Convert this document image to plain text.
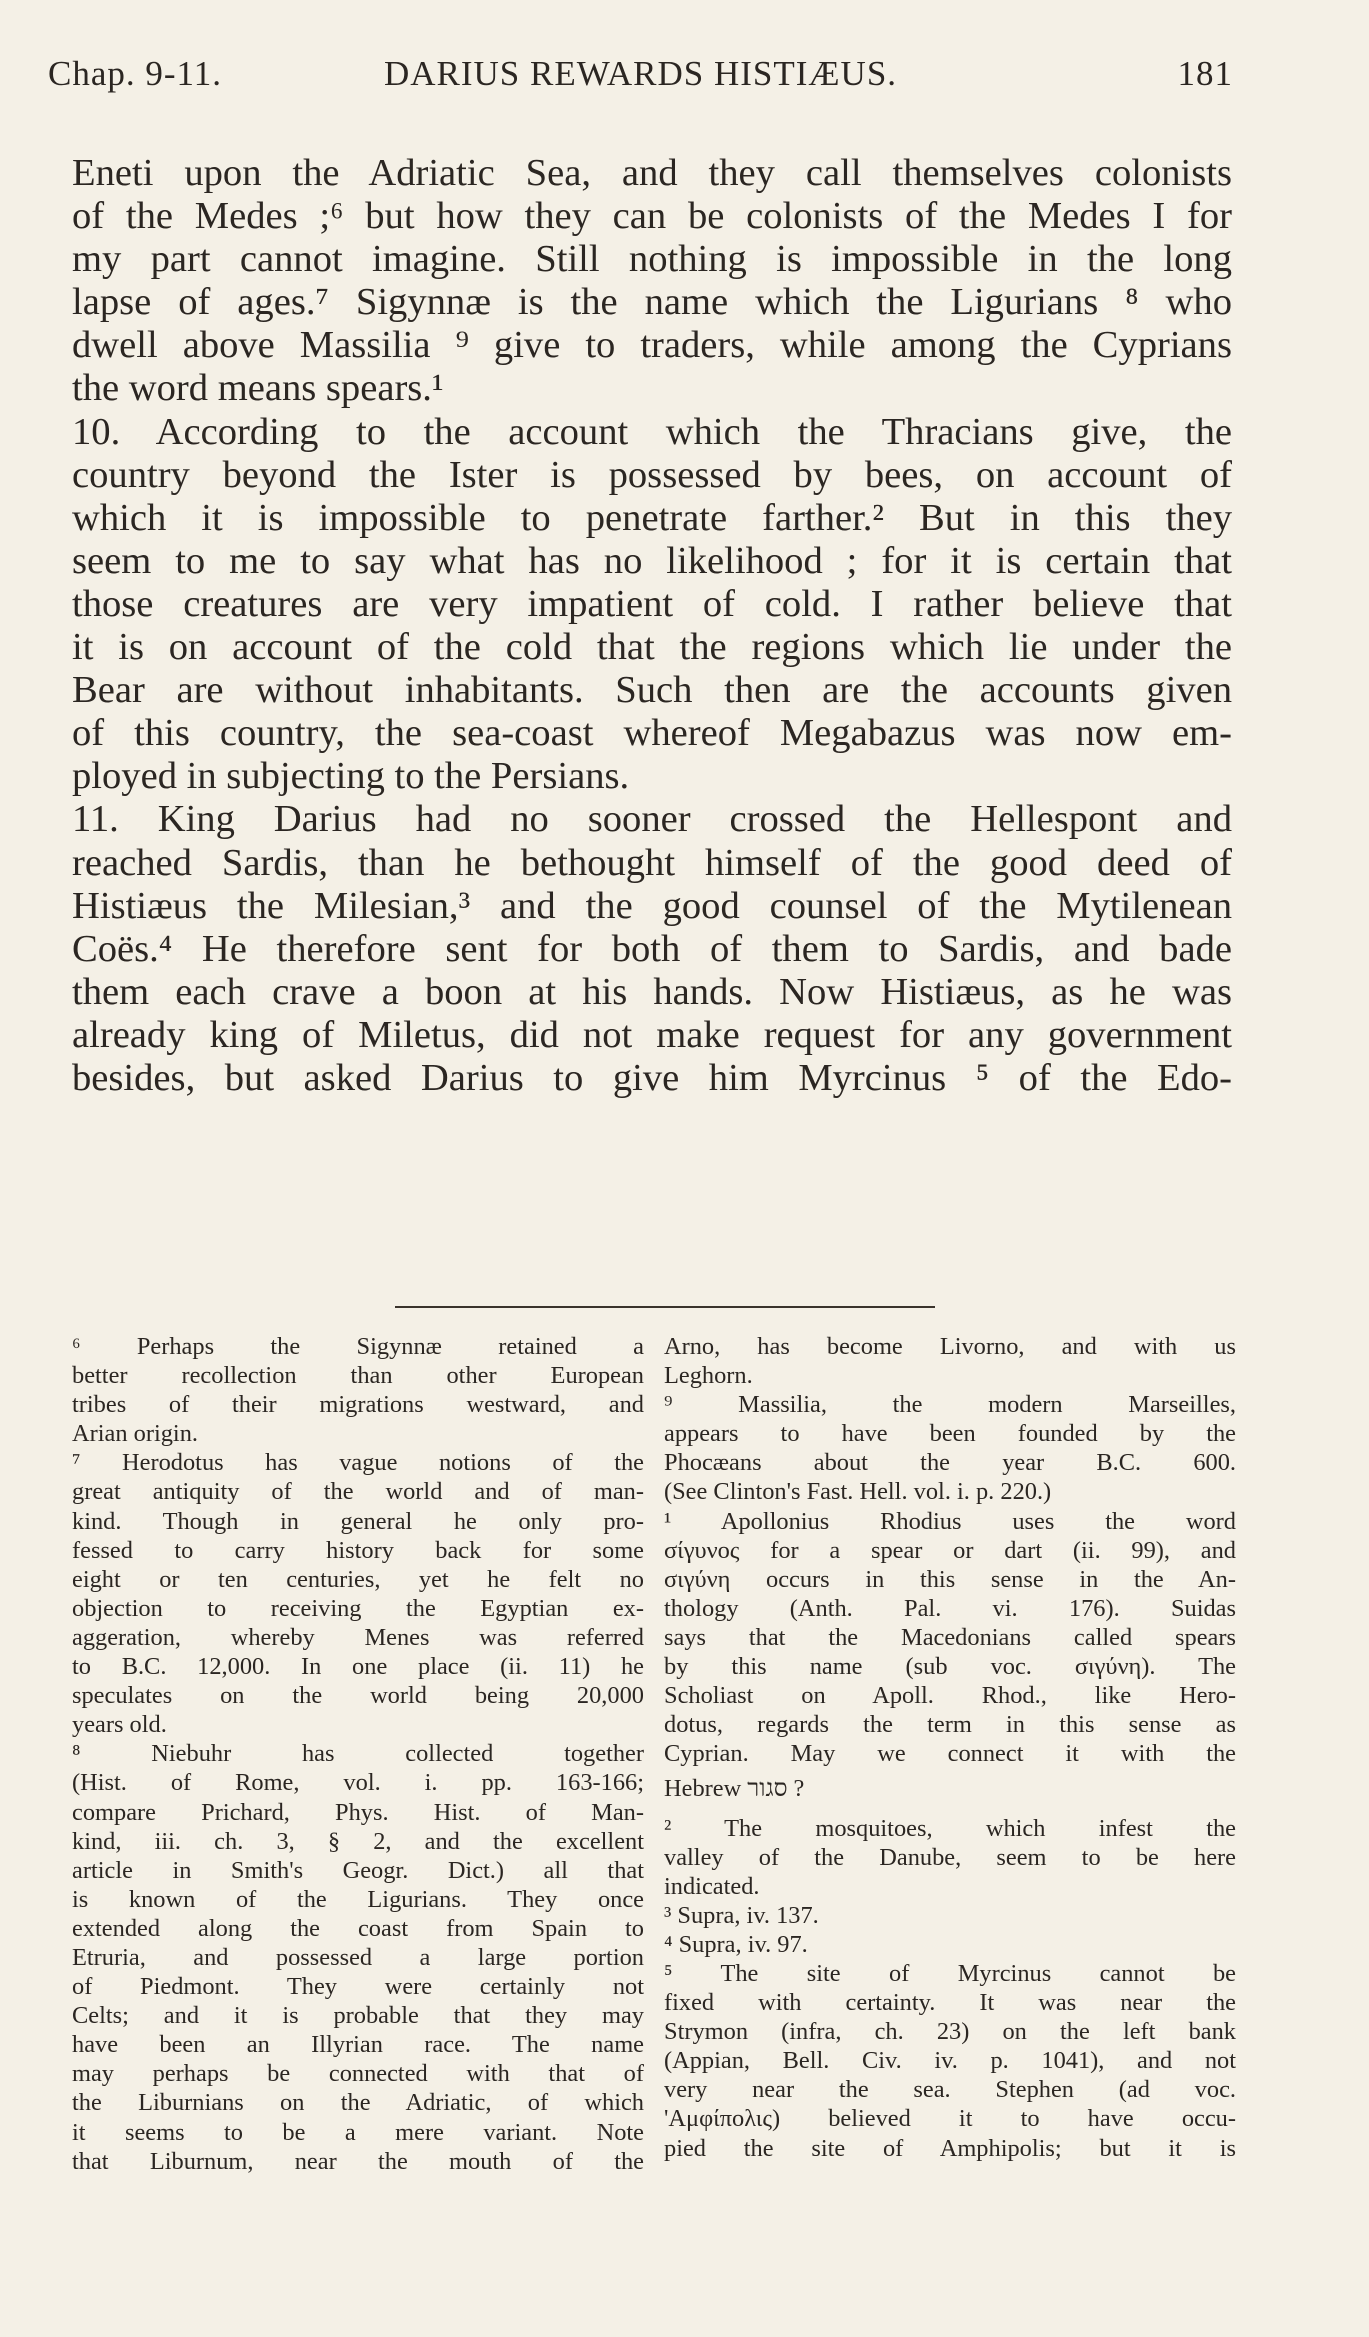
Chap. 9-11.	DARIUS REWARDS HISTIÆUS.	181
Eneti upon the Adriatic Sea, and they call themselves colonists
of the Medes ;⁶ but how they can be colonists of the Medes I for
my part cannot imagine. Still nothing is impossible in the long
lapse of ages.⁷ Sigynnæ is the name which the Ligurians ⁸ who
dwell above Massilia ⁹ give to traders, while among the Cyprians
the word means spears.¹
10. According to the account which the Thracians give, the
country beyond the Ister is possessed by bees, on account of
which it is impossible to penetrate farther.² But in this they
seem to me to say what has no likelihood ; for it is certain that
those creatures are very impatient of cold. I rather believe that
it is on account of the cold that the regions which lie under the
Bear are without inhabitants. Such then are the accounts given
of this country, the sea-coast whereof Megabazus was now em-
ployed in subjecting to the Persians.
11. King Darius had no sooner crossed the Hellespont and
reached Sardis, than he bethought himself of the good deed of
Histiæus the Milesian,³ and the good counsel of the Mytilenean
Coës.⁴ He therefore sent for both of them to Sardis, and bade
them each crave a boon at his hands. Now Histiæus, as he was
already king of Miletus, did not make request for any government
besides, but asked Darius to give him Myrcinus ⁵ of the Edo-
⁶ Perhaps the Sigynnæ retained a
better recollection than other European
tribes of their migrations westward, and
Arian origin.
⁷ Herodotus has vague notions of the
great antiquity of the world and of man-
kind. Though in general he only pro-
fessed to carry history back for some
eight or ten centuries, yet he felt no
objection to receiving the Egyptian ex-
aggeration, whereby Menes was referred
to B.C. 12,000. In one place (ii. 11) he
speculates on the world being 20,000
years old.
⁸ Niebuhr has collected together
(Hist. of Rome, vol. i. pp. 163-166;
compare Prichard, Phys. Hist. of Man-
kind, iii. ch. 3, § 2, and the excellent
article in Smith's Geogr. Dict.) all that
is known of the Ligurians. They once
extended along the coast from Spain to
Etruria, and possessed a large portion
of Piedmont. They were certainly not
Celts; and it is probable that they may
have been an Illyrian race. The name
may perhaps be connected with that of
the Liburnians on the Adriatic, of which
it seems to be a mere variant. Note
that Liburnum, near the mouth of the
Arno, has become Livorno, and with us
Leghorn.
⁹ Massilia, the modern Marseilles,
appears to have been founded by the
Phocæans about the year B.C. 600.
(See Clinton's Fast. Hell. vol. i. p. 220.)
¹ Apollonius Rhodius uses the word
σίγυνος for a spear or dart (ii. 99), and
σιγύνη occurs in this sense in the An-
thology (Anth. Pal. vi. 176). Suidas
says that the Macedonians called spears
by this name (sub voc. σιγύνη). The
Scholiast on Apoll. Rhod., like Hero-
dotus, regards the term in this sense as
Cyprian. May we connect it with the
Hebrew סגור ?
² The mosquitoes, which infest the
valley of the Danube, seem to be here
indicated.
³ Supra, iv. 137.
⁴ Supra, iv. 97.
⁵ The site of Myrcinus cannot be
fixed with certainty. It was near the
Strymon (infra, ch. 23) on the left bank
(Appian, Bell. Civ. iv. p. 1041), and not
very near the sea. Stephen (ad voc.
'Αμφίπολις) believed it to have occu-
pied the site of Amphipolis; but it is
